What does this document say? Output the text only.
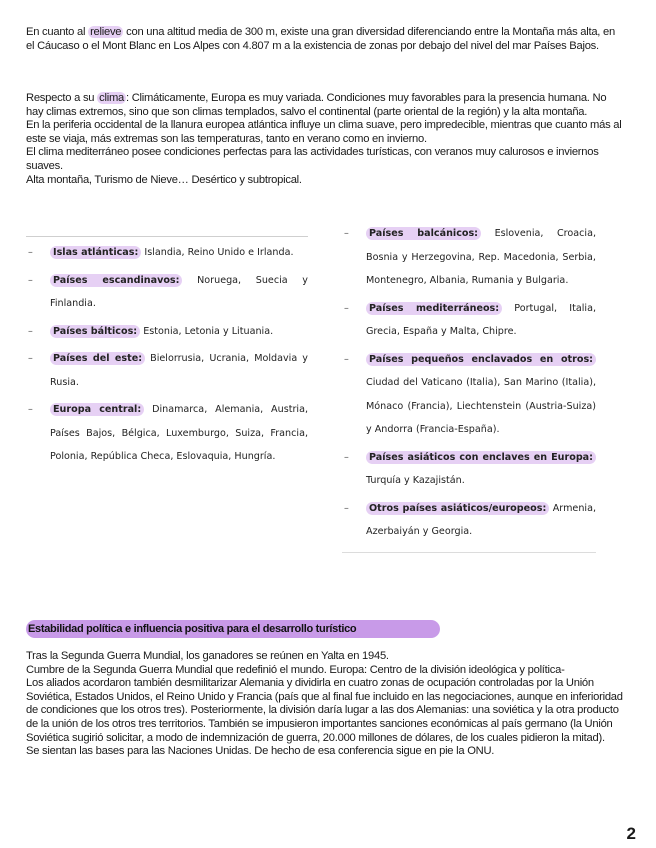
En cuanto al relieve con una altitud media de 300 m, existe una gran diversidad diferenciando entre la Montaña más alta, en el Cáucaso o el Mont Blanc en Los Alpes con 4.807 m a la existencia de zonas por debajo del nivel del mar Países Bajos.

Respecto a su clima : Climáticamente, Europa es muy variada. Condiciones muy favorables para la presencia humana. No hay climas extremos, sino que son climas templados, salvo el continental (parte oriental de la región) y la alta montaña.
En la periferia occidental de la llanura europea atlántica influye un clima suave, pero impredecible, mientras que cuanto más al este se viaja, más extremas son las temperaturas, tanto en verano como en invierno.
El clima mediterráneo posee condiciones perfectas para las actividades turísticas, con veranos muy calurosos e inviernos suaves.
Alta montaña, Turismo de Nieve… Desértico y subtropical.
– Islas atlánticas: Islandia, Reino Unido e Irlanda.
– Países escandinavos: Noruega, Suecia y Finlandia.
– Países bálticos: Estonia, Letonia y Lituania.
– Países del este: Bielorrusia, Ucrania, Moldavia y Rusia.
– Europa central: Dinamarca, Alemania, Austria, Países Bajos, Bélgica, Luxemburgo, Suiza, Francia, Polonia, República Checa, Eslovaquia, Hungría.
– Países balcánicos: Eslovenia, Croacia, Bosnia y Herzegovina, Rep. Macedonia, Serbia, Montenegro, Albania, Rumania y Bulgaria.
– Países mediterráneos: Portugal, Italia, Grecia, España y Malta, Chipre.
– Países pequeños enclavados en otros: Ciudad del Vaticano (Italia), San Marino (Italia), Mónaco (Francia), Liechtenstein (Austria-Suiza) y Andorra (Francia-España).
– Países asiáticos con enclaves en Europa: Turquía y Kazajistán.
– Otros países asiáticos/europeos: Armenia, Azerbaiyán y Georgia.
Estabilidad política e influencia positiva para el desarrollo turístico
Tras la Segunda Guerra Mundial, los ganadores se reúnen en Yalta en 1945.
Cumbre de la Segunda Guerra Mundial que redefinió el mundo. Europa: Centro de la división ideológica y política-
Los aliados acordaron también desmilitarizar Alemania y dividirla en cuatro zonas de ocupación controladas por la Unión Soviética, Estados Unidos, el Reino Unido y Francia (país que al final fue incluido en las negociaciones, aunque en inferioridad de condiciones que los otros tres). Posteriormente, la división daría lugar a las dos Alemanias: una soviética y la otra producto de la unión de los otros tres territorios. También se impusieron importantes sanciones económicas al país germano (la Unión Soviética sugirió solicitar, a modo de indemnización de guerra, 20.000 millones de dólares, de los cuales pidieron la mitad).
Se sientan las bases para las Naciones Unidas. De hecho de esa conferencia sigue en pie la ONU.
2
